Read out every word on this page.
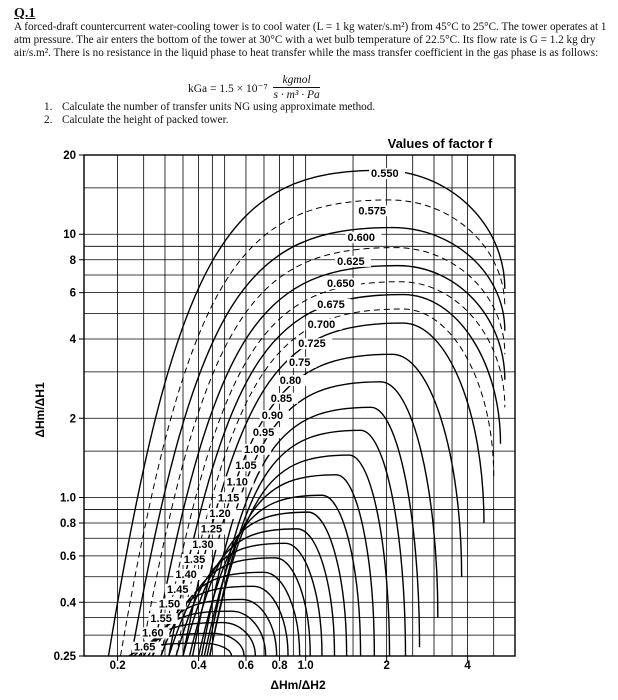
Q.1

A forced-draft countercurrent water-cooling tower is to cool water (L = 1 kg water/s.m²) from 45°C to 25°C. The tower operates at 1 atm pressure. The air enters the bottom of the tower at 30°C with a wet bulb temperature of 22.5°C. Its flow rate is G = 1.2 kg dry air/s.m². There is no resistance in the liquid phase to heat transfer while the mass transfer coefficient in the gas phase is as follows:

kGa = $1.5 \times 10^{-7} \frac{\text{kgmol}}{\text{s · m³ · Pa}}$
1. Calculate the number of transfer units NG using approximate method.
2. Calculate the height of packed tower.
0.25
0.4
0.6
0.8
1.0
2
4
6
8
10
20
0.2	0.4	0.6 0.8 1.0	2	4
0.550
0.575
0.600
0.625
0.650
0.675
0.700
0.725
0.75
0.80
0.85
0.90
0.95
1.00
1.05
1.10
1.15
1.20
1.25
1.30
1.35
1.40
1.45
1.50
1.55
1.60
1.65
Values of factor f
ΔHm/ΔH2
ΔHm/ΔH1
